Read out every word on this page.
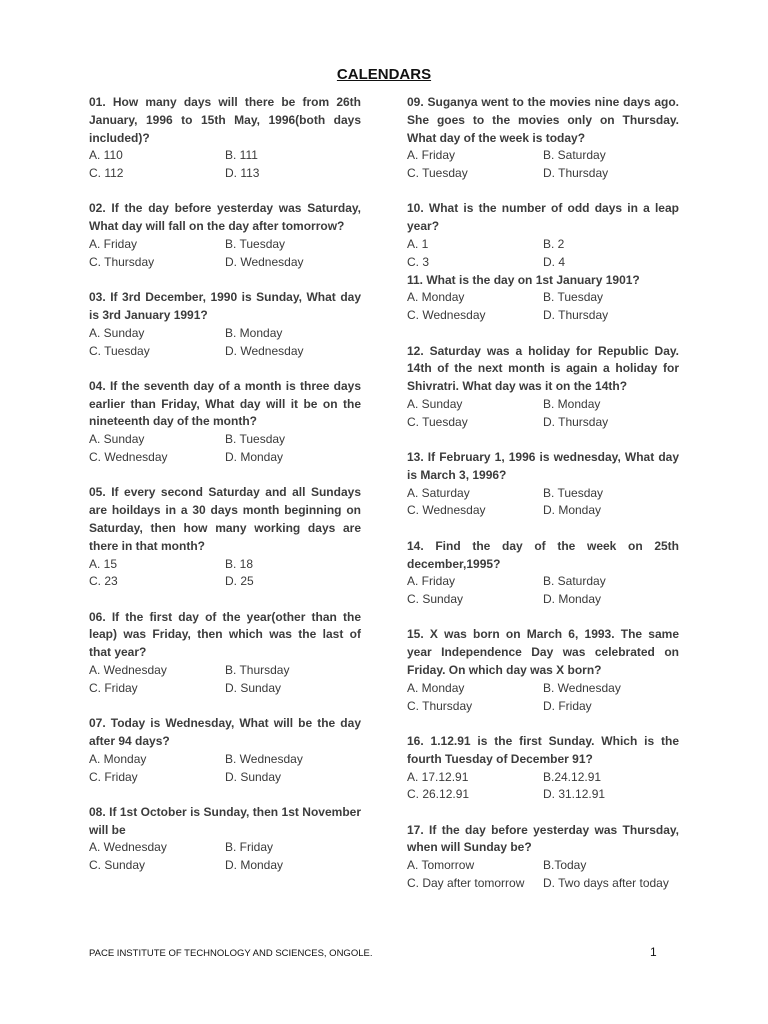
CALENDARS
01. How many days will there be from 26th January, 1996 to 15th May, 1996(both days included)?
A. 110	B. 111
C. 112	D. 113
02. If the day before yesterday was Saturday, What day will fall on the day after tomorrow?
A. Friday	B. Tuesday
C. Thursday	D. Wednesday
03. If 3rd December, 1990 is Sunday, What day is 3rd January 1991?
A. Sunday	B. Monday
C. Tuesday	D. Wednesday
04. If the seventh day of a month is three days earlier than Friday, What day will it be on the nineteenth day of the month?
A. Sunday	B. Tuesday
C. Wednesday	D. Monday
05. If every second Saturday and all Sundays are hoildays in a 30 days month beginning on Saturday, then how many working days are there in that month?
A. 15	B. 18
C. 23	D. 25
06. If the first day of the year(other than the leap) was Friday, then which was the last of that year?
A. Wednesday	B. Thursday
C. Friday	D. Sunday
07. Today is Wednesday, What will be the day after 94 days?
A. Monday	B. Wednesday
C. Friday	D. Sunday
08. If 1st October is Sunday, then 1st November will be
A. Wednesday	B. Friday
C. Sunday	D. Monday
09. Suganya went to the movies nine days ago. She goes to the movies only on Thursday. What day of the week is today?
A. Friday	B. Saturday
C. Tuesday	D. Thursday
10. What is the number of odd days in a leap year?
A. 1	B. 2
C. 3	D. 4
11. What is the day on 1st January 1901?
A. Monday	B. Tuesday
C. Wednesday	D. Thursday
12. Saturday was a holiday for Republic Day. 14th of the next month is again a holiday for Shivratri. What day was it on the 14th?
A. Sunday	B. Monday
C. Tuesday	D. Thursday
13. If February 1, 1996 is wednesday, What day is March 3, 1996?
A. Saturday	B. Tuesday
C. Wednesday	D. Monday
14. Find the day of the week on 25th december,1995?
A. Friday	B. Saturday
C. Sunday	D. Monday
15. X was born on March 6, 1993. The same year Independence Day was celebrated on Friday. On which day was X born?
A. Monday	B. Wednesday
C. Thursday	D. Friday
16. 1.12.91 is the first Sunday. Which is the fourth Tuesday of December 91?
A. 17.12.91	B.24.12.91
C. 26.12.91	D. 31.12.91
17. If the day before yesterday was Thursday, when will Sunday be?
A. Tomorrow	B.Today
C. Day after tomorrow	D. Two days after today
PACE INSTITUTE OF TECHNOLOGY AND SCIENCES, ONGOLE.	1
